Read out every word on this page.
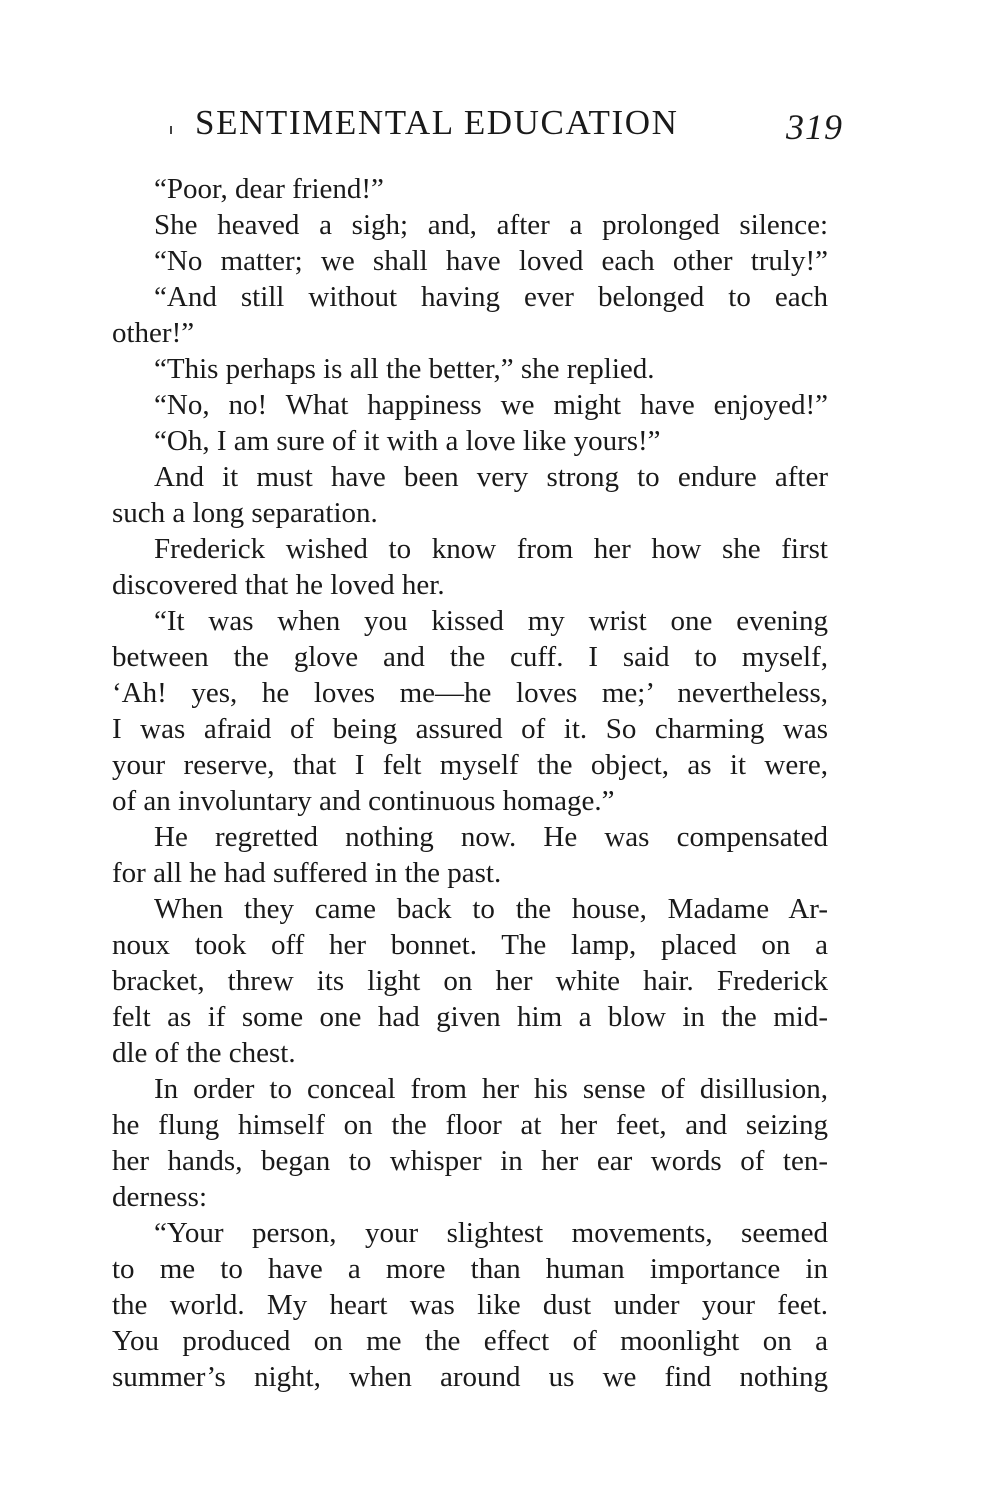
SENTIMENTAL EDUCATION	319
“Poor, dear friend!”
She heaved a sigh; and, after a prolonged silence:
“No matter; we shall have loved each other truly!”
“And still without having ever belonged to each
other!”
“This perhaps is all the better,” she replied.
“No, no! What happiness we might have enjoyed!”
“Oh, I am sure of it with a love like yours!”
And it must have been very strong to endure after
such a long separation.
Frederick wished to know from her how she first
discovered that he loved her.
“It was when you kissed my wrist one evening
between the glove and the cuff. I said to myself,
‘Ah! yes, he loves me—he loves me;’ nevertheless,
I was afraid of being assured of it. So charming was
your reserve, that I felt myself the object, as it were,
of an involuntary and continuous homage.”
He regretted nothing now. He was compensated
for all he had suffered in the past.
When they came back to the house, Madame Ar-
noux took off her bonnet. The lamp, placed on a
bracket, threw its light on her white hair. Frederick
felt as if some one had given him a blow in the mid-
dle of the chest.
In order to conceal from her his sense of disillusion,
he flung himself on the floor at her feet, and seizing
her hands, began to whisper in her ear words of ten-
derness:
“Your person, your slightest movements, seemed
to me to have a more than human importance in
the world. My heart was like dust under your feet.
You produced on me the effect of moonlight on a
summer’s night, when around us we find nothing
